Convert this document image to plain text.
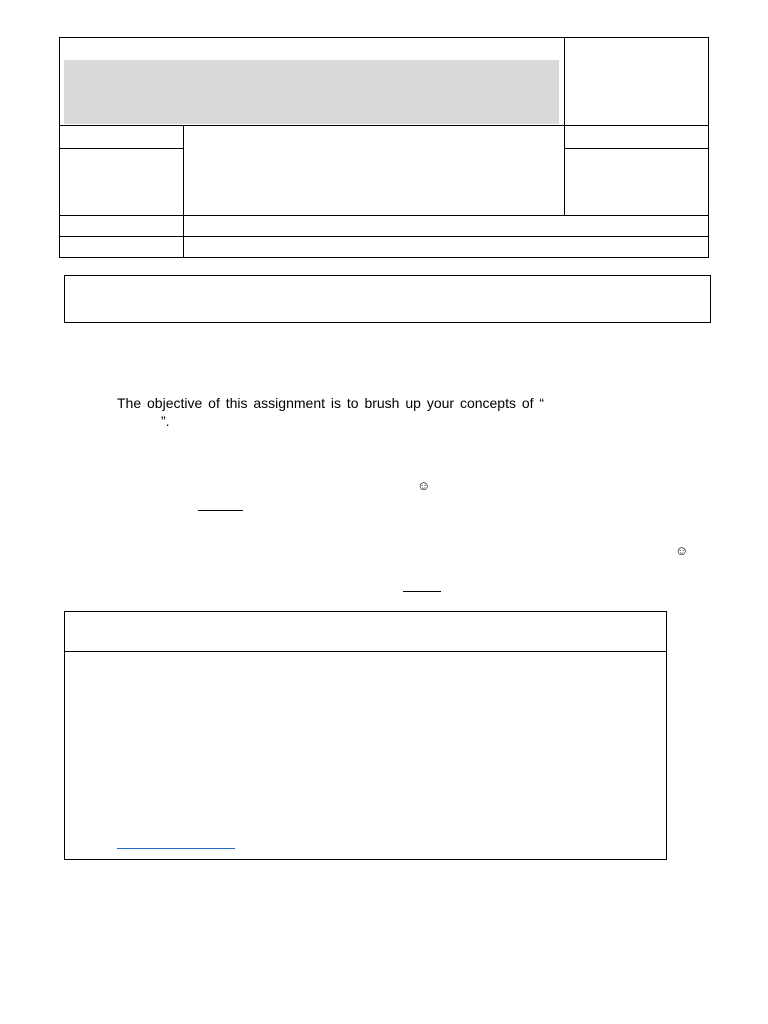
The objective of this assignment is to brush up your concepts of “
”.
☺
☺
